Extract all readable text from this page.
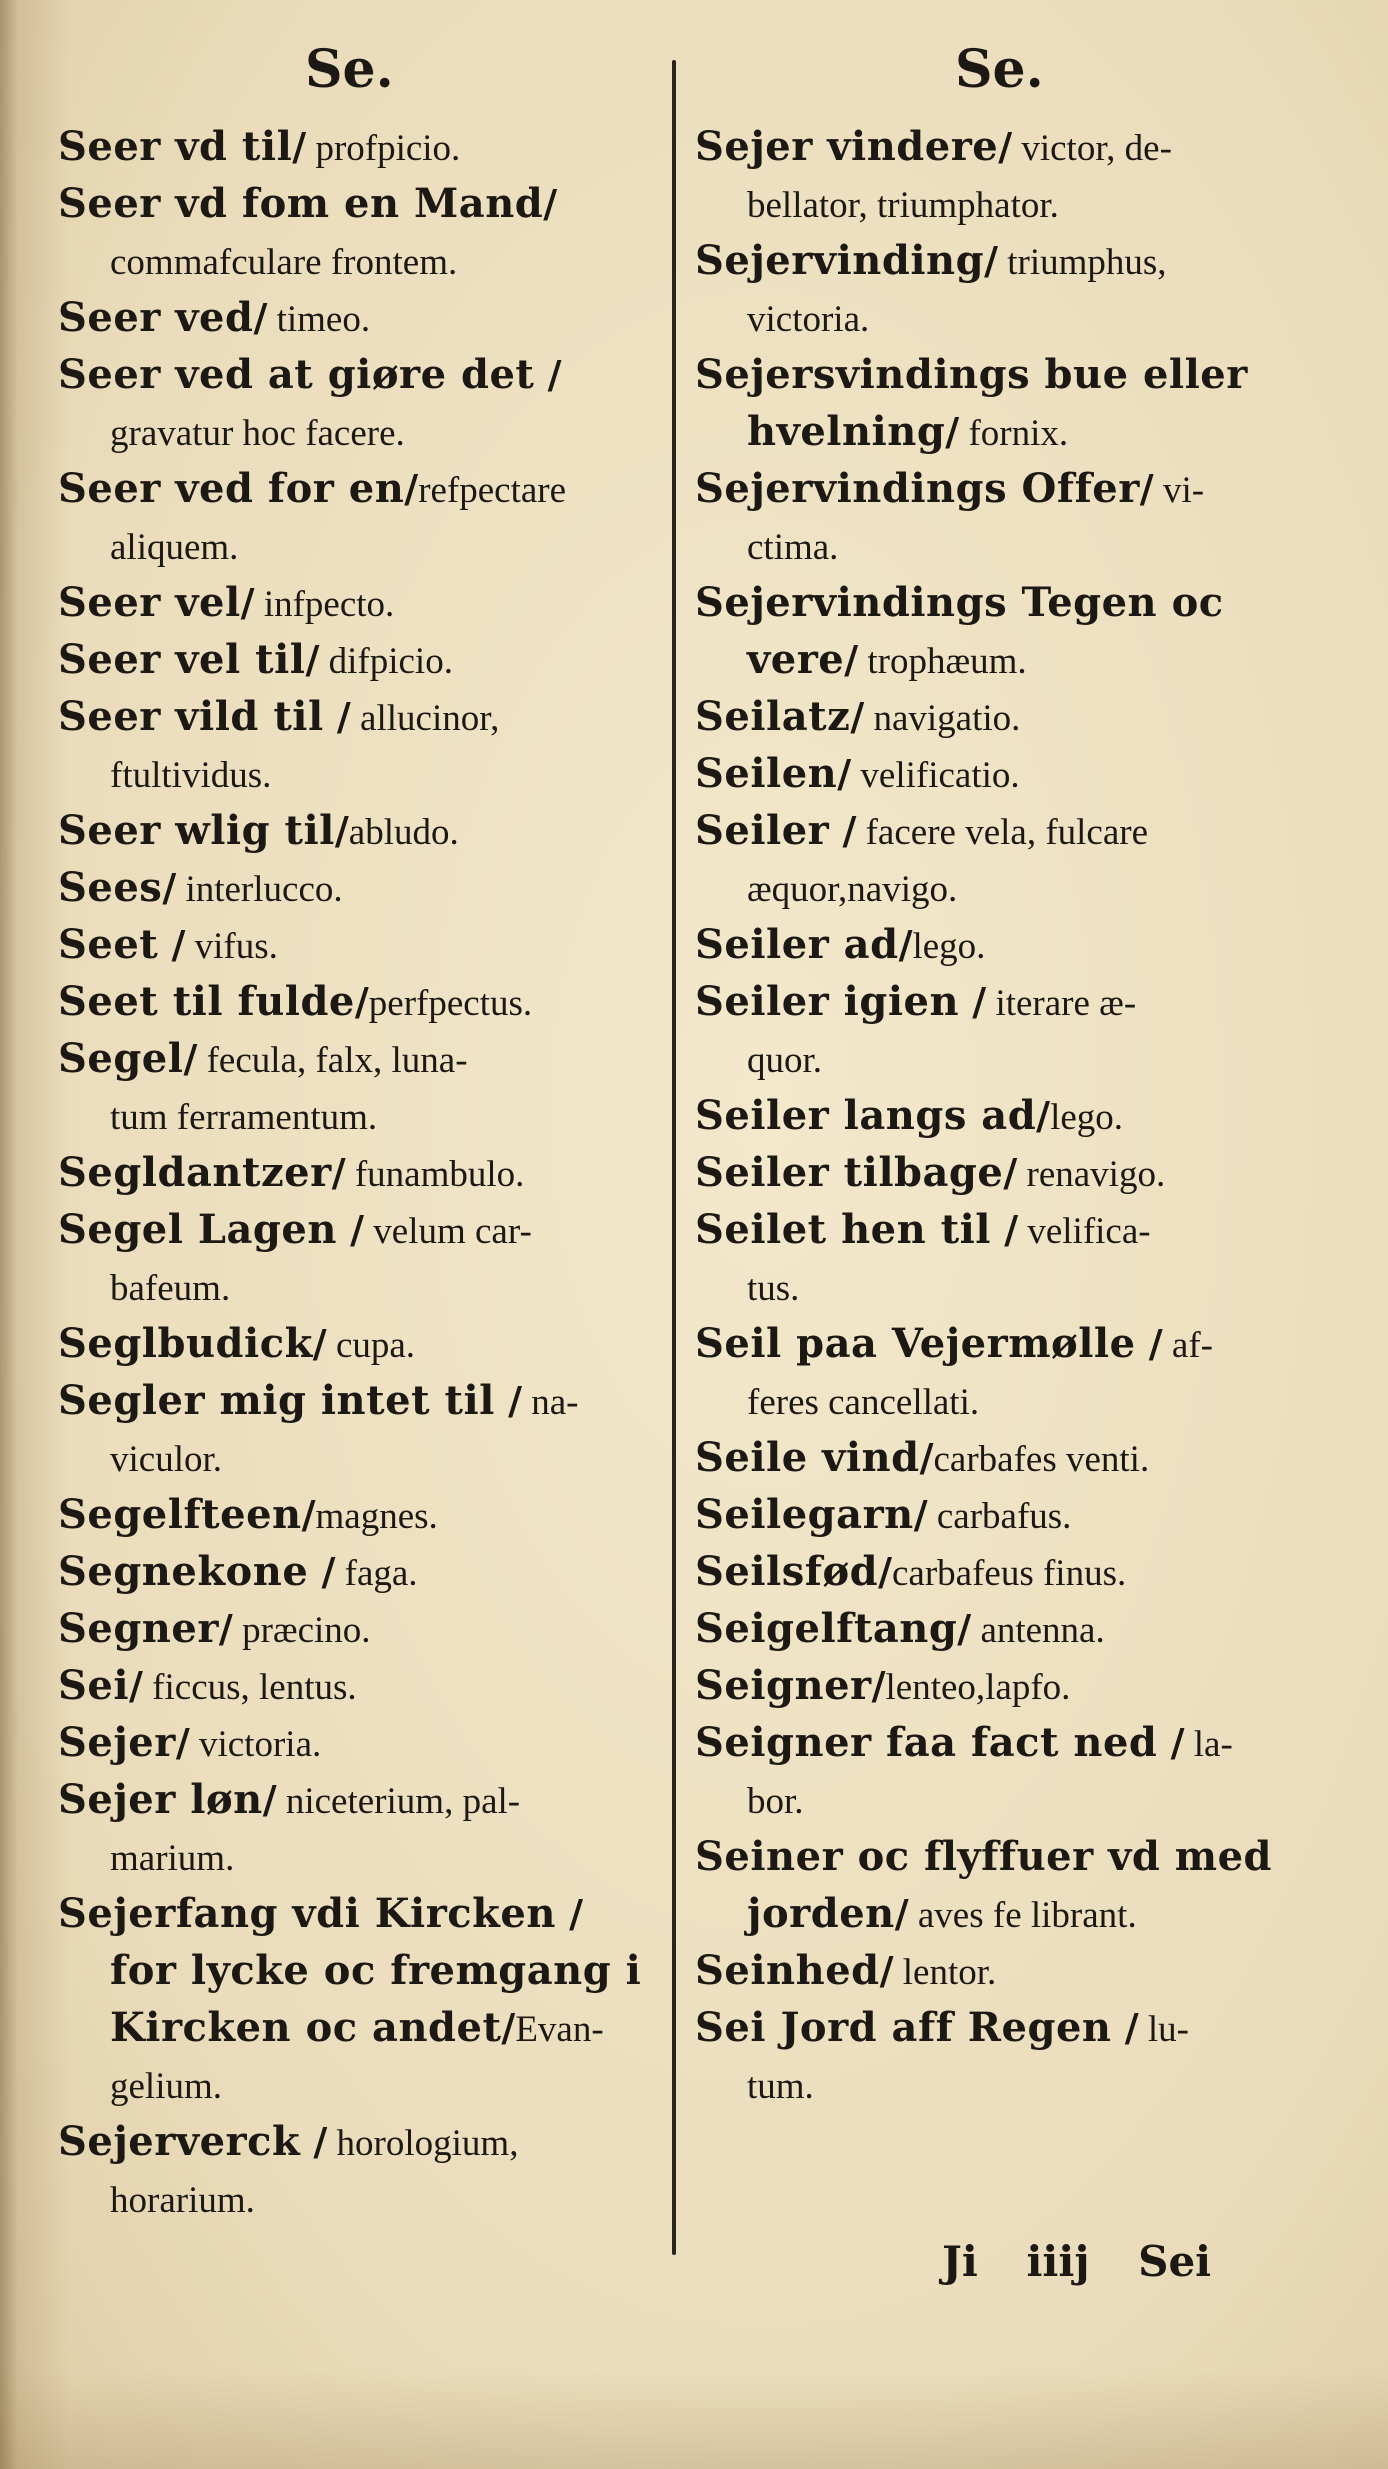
Se.	Se.
Seer vd til/ profpicio.
Seer vd fom en Mand/
commafculare frontem.
Seer ved/ timeo.
Seer ved at giøre det /
gravatur hoc facere.
Seer ved for en/refpectare
aliquem.
Seer vel/ infpecto.
Seer vel til/ difpicio.
Seer vild til / allucinor,
ftultividus.
Seer wlig til/abludo.
Sees/ interlucco.
Seet / vifus.
Seet til fulde/perfpectus.
Segel/ fecula, falx, luna-
tum ferramentum.
Segldantzer/ funambulo.
Segel Lagen / velum car-
bafeum.
Seglbudick/ cupa.
Segler mig intet til / na-
viculor.
Segelfteen/magnes.
Segnekone / faga.
Segner/ præcino.
Sei/ ficcus, lentus.
Sejer/ victoria.
Sejer løn/ niceterium, pal-
marium.
Sejerfang vdi Kircken /
for lycke oc fremgang i
Kircken oc andet/Evan-
gelium.
Sejerverck / horologium,
horarium.
Sejer vindere/ victor, de-
bellator, triumphator.
Sejervinding/ triumphus,
victoria.
Sejersvindings bue eller
hvelning/ fornix.
Sejervindings Offer/ vi-
ctima.
Sejervindings Tegen oc
vere/ trophæum.
Seilatz/ navigatio.
Seilen/ velificatio.
Seiler / facere vela, fulcare
æquor,navigo.
Seiler ad/lego.
Seiler igien / iterare æ-
quor.
Seiler langs ad/lego.
Seiler tilbage/ renavigo.
Seilet hen til / velifica-
tus.
Seil paa Vejermølle / af-
feres cancellati.
Seile vind/carbafes venti.
Seilegarn/ carbafus.
Seilsfød/carbafeus finus.
Seigelftang/ antenna.
Seigner/lenteo,lapfo.
Seigner faa fact ned / la-
bor.
Seiner oc flyffuer vd med
jorden/ aves fe librant.
Seinhed/ lentor.
Sei Jord aff Regen / lu-
tum.
Ji iiij Sei
